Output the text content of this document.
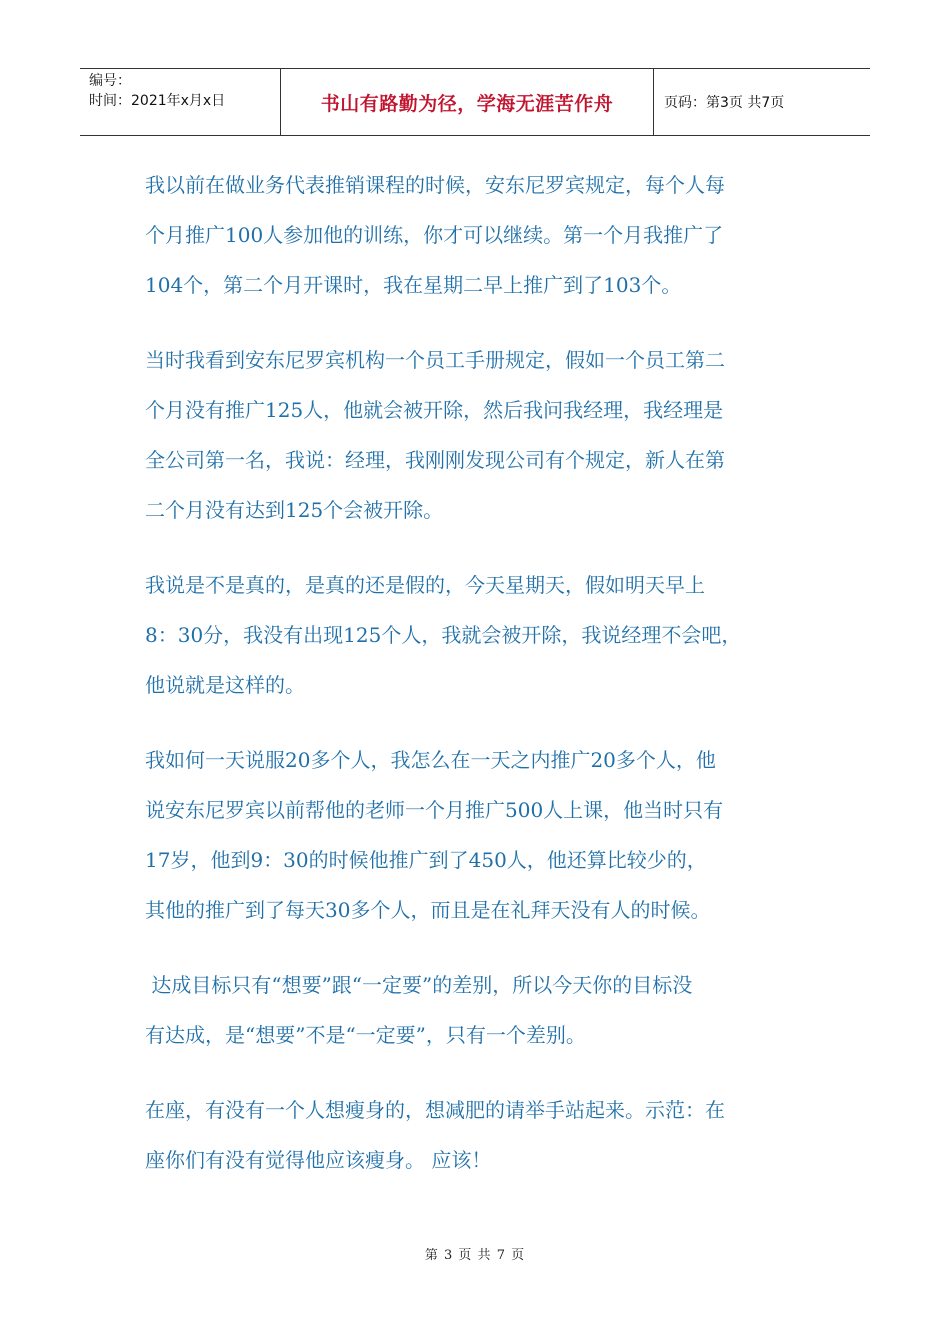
编号：
时间：2021年x月x日	书山有路勤为径，学海无涯苦作舟	页码：第3页 共7页
我以前在做业务代表推销课程的时候，安东尼罗宾规定，每个人每
个月推广100人参加他的训练，你才可以继续。第一个月我推广了
104个，第二个月开课时，我在星期二早上推广到了103个。
当时我看到安东尼罗宾机构一个员工手册规定，假如一个员工第二
个月没有推广125人，他就会被开除，然后我问我经理，我经理是
全公司第一名，我说：经理，我刚刚发现公司有个规定，新人在第
二个月没有达到125个会被开除。
我说是不是真的，是真的还是假的，今天星期天，假如明天早上
8：30分，我没有出现125个人，我就会被开除，我说经理不会吧，
他说就是这样的。
我如何一天说服20多个人，我怎么在一天之内推广20多个人，他
说安东尼罗宾以前帮他的老师一个月推广500人上课，他当时只有
17岁，他到9：30的时候他推广到了450人，他还算比较少的，
其他的推广到了每天30多个人，而且是在礼拜天没有人的时候。
达成目标只有“想要”跟“一定要”的差别，所以今天你的目标没
有达成，是“想要”不是“一定要”，只有一个差别。
在座，有没有一个人想瘦身的，想减肥的请举手站起来。示范：在
座你们有没有觉得他应该瘦身。 应该！
第 3 页 共 7 页
